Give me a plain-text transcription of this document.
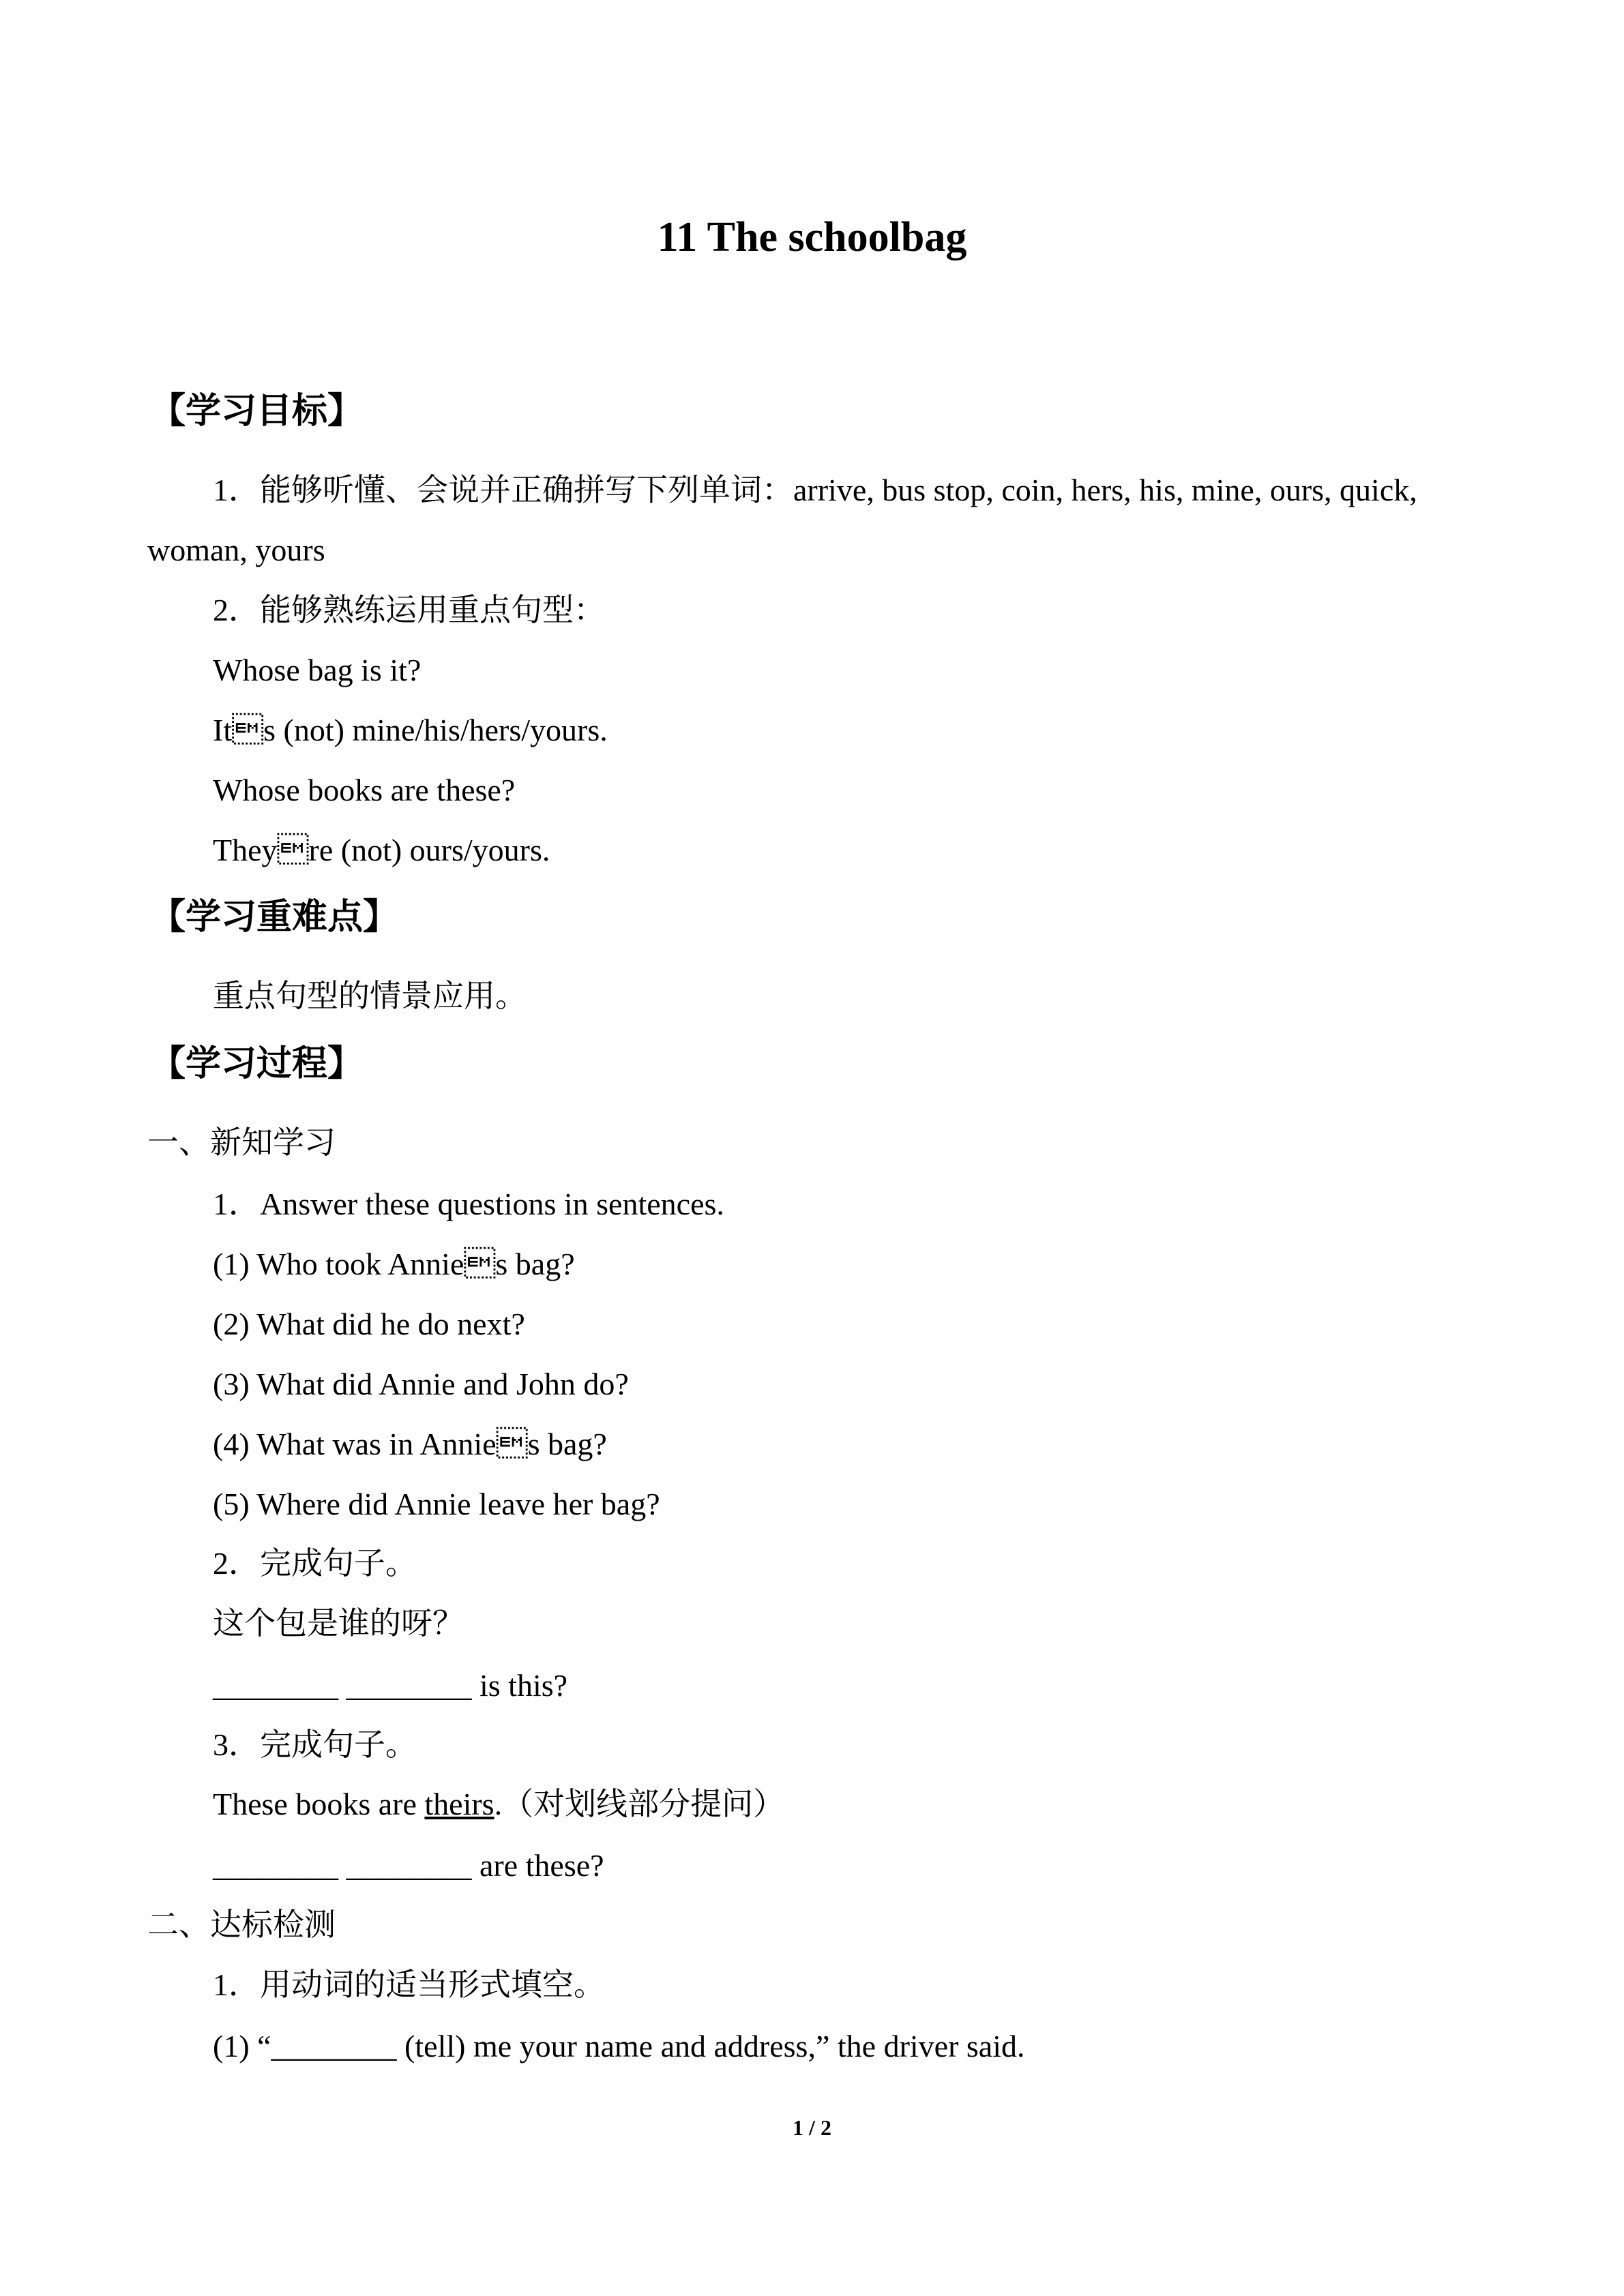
11 The schoolbag
【学习目标】
1．能够听懂、会说并正确拼写下列单词：arrive, bus stop, coin, hers, his, mine, ours, quick,
woman, yours
2．能够熟练运用重点句型：
Whose bag is it?
Its (not) mine/his/hers/yours.
Whose books are these?
Theyre (not) ours/yours.
【学习重难点】
重点句型的情景应用。
【学习过程】
一、新知学习
1．Answer these questions in sentences.
(1) Who took Annies bag?
(2) What did he do next?
(3) What did Annie and John do?
(4) What was in Annies bag?
(5) Where did Annie leave her bag?
2．完成句子。
这个包是谁的呀？
________ ________ is this?
3．完成句子。
These books are theirs.（对划线部分提问）
________ ________ are these?
二、达标检测
1．用动词的适当形式填空。
(1) “________ (tell) me your name and address,” the driver said.
1 / 2
